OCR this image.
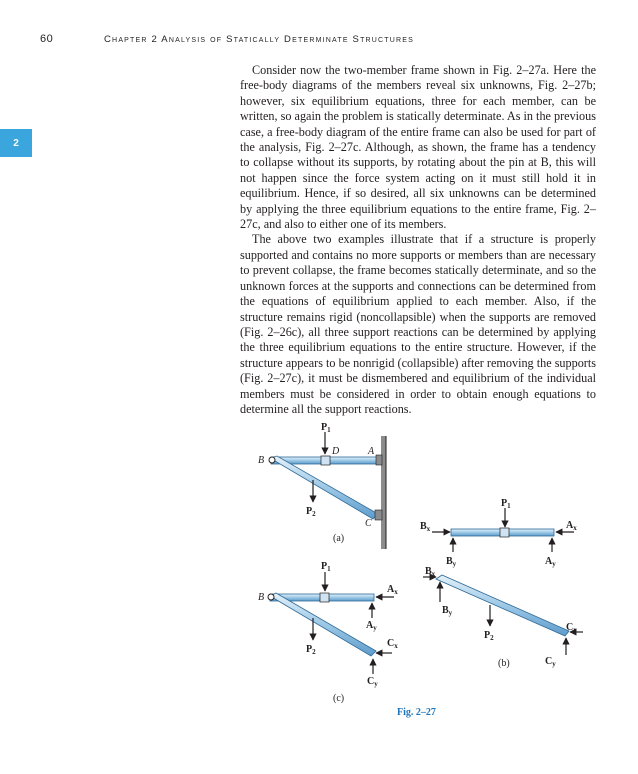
60	Chapter 2 Analysis of Statically Determinate Structures
2

Consider now the two-member frame shown in Fig. 2–27a. Here the free-body diagrams of the members reveal six unknowns, Fig. 2–27b; however, six equilibrium equations, three for each member, can be written, so again the problem is statically determinate. As in the previous case, a free-body diagram of the entire frame can also be used for part of the analysis, Fig. 2–27c. Although, as shown, the frame has a tendency to collapse without its supports, by rotating about the pin at B, this will not happen since the force system acting on it must still hold it in equilibrium. Hence, if so desired, all six unknowns can be determined by applying the three equilibrium equations to the entire frame, Fig. 2–27c, and also to either one of its members.

The above two examples illustrate that if a structure is properly supported and contains no more supports or members than are necessary to prevent collapse, the frame becomes statically determinate, and so the unknown forces at the supports and connections can be determined from the equations of equilibrium applied to each member. Also, if the structure remains rigid (noncollapsible) when the supports are removed (Fig. 2–26c), all three support reactions can be determined by applying the three equilibrium equations to the entire structure. However, if the structure appears to be nonrigid (collapsible) after removing the supports (Fig. 2–27c), it must be dismembered and equilibrium of the individual members must be considered in order to obtain enough equations to determine all the support reactions.

B
D	A
C
$P_1$
$P_2$
(a)
$P_1$
$B_x$
$B_y$
$A_x$
$A_y$
$B_x$
$B_y$
$P_2$
$C_x$
$C_y$
(b)
B
$P_1$
$P_2$
$A_x$
$A_y$
$C_x$
$C_y$
(c)
Fig. 2–27
